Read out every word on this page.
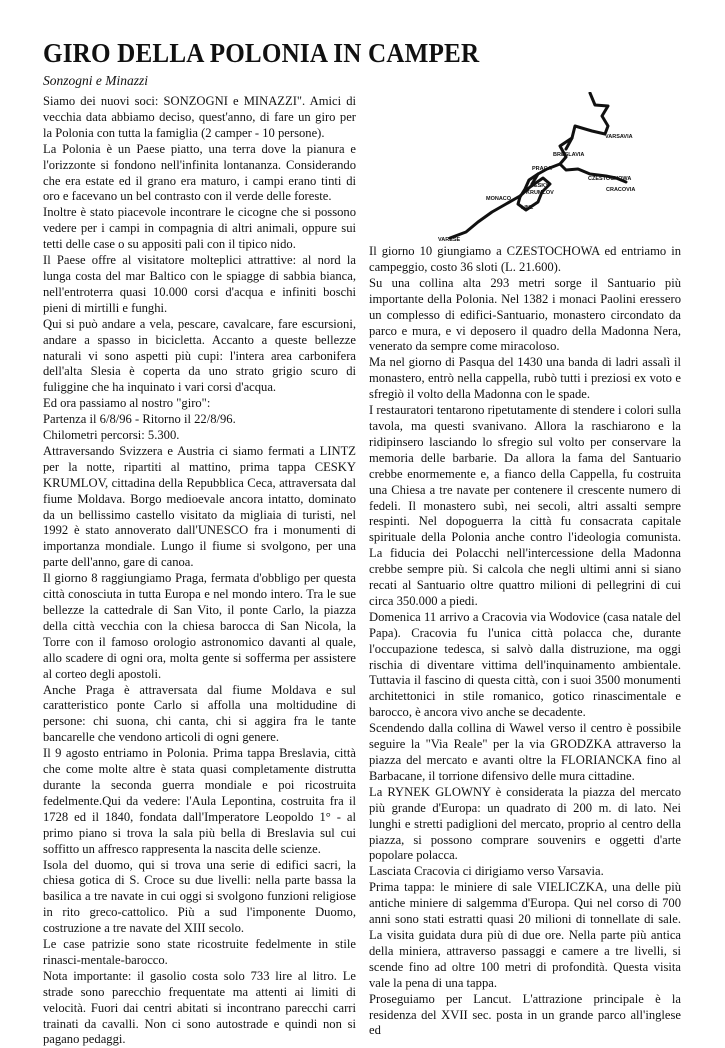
GIRO DELLA POLONIA IN CAMPER
Sonzogni e Minazzi

Siamo dei nuovi soci: SONZOGNI e MINAZZI". Amici di vecchia data abbiamo deciso, quest'anno, di fare un giro per la Polonia con tutta la famiglia (2 camper - 10 persone).

La Polonia è un Paese piatto, una terra dove la pianura e l'orizzonte si fondono nell'infinita lontananza. Considerando che era estate ed il grano era maturo, i campi erano tinti di oro e facevano un bel contrasto con il verde delle foreste.

Inoltre è stato piacevole incontrare le cicogne che si possono vedere per i campi in compagnia di altri animali, oppure sui tetti delle case o su appositi pali con il tipico nido.

Il Paese offre al visitatore molteplici attrattive: al nord la lunga costa del mar Baltico con le spiagge di sabbia bianca, nell'entroterra quasi 10.000 corsi d'acqua e infiniti boschi pieni di mirtilli e funghi.

Qui si può andare a vela, pescare, cavalcare, fare escursioni, andare a spasso in bicicletta. Accanto a queste bellezze naturali vi sono aspetti più cupi: l'intera area carbonifera dell'alta Slesia è coperta da uno strato grigio scuro di fuliggine che ha inquinato i vari corsi d'acqua.

Ed ora passiamo al nostro "giro":

Partenza il 6/8/96 - Ritorno il 22/8/96.

Chilometri percorsi: 5.300.

Attraversando Svizzera e Austria ci siamo fermati a LINTZ per la notte, ripartiti al mattino, prima tappa CESKY KRUMLOV, cittadina della Repubblica Ceca, attraversata dal fiume Moldava. Borgo medioevale ancora intatto, dominato da un bellissimo castello visitato da migliaia di turisti, nel 1992 è stato annoverato dall'UNESCO fra i monumenti di importanza mondiale. Lungo il fiume si svolgono, per una parte dell'anno, gare di canoa.

Il giorno 8 raggiungiamo Praga, fermata d'obbligo per questa città conosciuta in tutta Europa e nel mondo intero. Tra le sue bellezze la cattedrale di San Vito, il ponte Carlo, la piazza della città vecchia con la chiesa barocca di San Nicola, la Torre con il famoso orologio astronomico davanti al quale, allo scadere di ogni ora, molta gente si sofferma per assistere al corteo degli apostoli.

Anche Praga è attraversata dal fiume Moldava e sul caratteristico ponte Carlo si affolla una moltidudine di persone: chi suona, chi canta, chi si aggira fra le tante bancarelle che vendono articoli di ogni genere.

Il 9 agosto entriamo in Polonia. Prima tappa Breslavia, città che come molte altre è stata quasi completamente distrutta durante la seconda guerra mondiale e poi ricostruita fedelmente.Qui da vedere: l'Aula Lepontina, costruita fra il 1728 ed il 1840, fondata dall'Imperatore Leopoldo 1° - al primo piano si trova la sala più bella di Breslavia sul cui soffitto un affresco rappresenta la nascita delle scienze.

Isola del duomo, qui si trova una serie di edifici sacri, la chiesa gotica di S. Croce su due livelli: nella parte bassa la basilica a tre navate in cui oggi si svolgono funzioni religiose in rito greco-cattolico. Più a sud l'imponente Duomo, costruzione a tre navate del XIII secolo.

Le case patrizie sono state ricostruite fedelmente in stile rinasci-mentale-barocco.

Nota importante: il gasolio costa solo 733 lire al litro. Le strade sono parecchio frequentate ma attenti ai limiti di velocità. Fuori dai centri abitati si incontrano parecchi carri trainati da cavalli. Non ci sono autostrade e quindi non si pagano pedaggi.

VARSAVIA
BRESLAVIA
CZESTOCHOWA
PRAGA
CRACOVIA
CESKY
KRUMLOV
MONACO
LINZ
VARESE

Il giorno 10 giungiamo a CZESTOCHOWA ed entriamo in campeggio, costo 36 sloti (L. 21.600).

Su una collina alta 293 metri sorge il Santuario più importante della Polonia. Nel 1382 i monaci Paolini eressero un complesso di edifici-Santuario, monastero circondato da parco e mura, e vi deposero il quadro della Madonna Nera, venerato da sempre come miracoloso.

Ma nel giorno di Pasqua del 1430 una banda di ladri assalì il monastero, entrò nella cappella, rubò tutti i preziosi ex voto e sfregiò il volto della Madonna con le spade.

I restauratori tentarono ripetutamente di stendere i colori sulla tavola, ma questi svanivano. Allora la raschiarono e la ridipinsero lasciando lo sfregio sul volto per conservare la memoria delle barbarie. Da allora la fama del Santuario crebbe enormemente e, a fianco della Cappella, fu costruita una Chiesa a tre navate per contenere il crescente numero di fedeli. Il monastero subì, nei secoli, altri assalti sempre respinti. Nel dopoguerra la città fu consacrata capitale spirituale della Polonia anche contro l'ideologia comunista. La fiducia dei Polacchi nell'intercessione della Madonna crebbe sempre più. Si calcola che negli ultimi anni si siano recati al Santuario oltre quattro milioni di pellegrini di cui circa 350.000 a piedi.

Domenica 11 arrivo a Cracovia via Wodovice (casa natale del Papa). Cracovia fu l'unica città polacca che, durante l'occupazione tedesca, si salvò dalla distruzione, ma oggi rischia di diventare vittima dell'inquinamento ambientale. Tuttavia il fascino di questa città, con i suoi 3500 monumenti architettonici in stile romanico, gotico rinascimentale e barocco, è ancora vivo anche se decadente.

Scendendo dalla collina di Wawel verso il centro è possibile seguire la "Via Reale" per la via GRODZKA attraverso la piazza del mercato e avanti oltre la FLORIANCKA fino al Barbacane, il torrione difensivo delle mura cittadine.

La RYNEK GLOWNY è considerata la piazza del mercato più grande d'Europa: un quadrato di 200 m. di lato. Nei lunghi e stretti padiglioni del mercato, proprio al centro della piazza, si possono comprare souvenirs e oggetti d'arte popolare polacca.

Lasciata Cracovia ci dirigiamo verso Varsavia.

Prima tappa: le miniere di sale VIELICZKA, una delle più antiche miniere di salgemma d'Europa. Qui nel corso di 700 anni sono stati estratti quasi 20 milioni di tonnellate di sale. La visita guidata dura più di due ore. Nella parte più antica della miniera, attraverso passaggi e camere a tre livelli, si scende fino ad oltre 100 metri di profondità. Questa visita vale la pena di una tappa.

Proseguiamo per Lancut. L'attrazione principale è la residenza del XVII sec. posta in un grande parco all'inglese ed
